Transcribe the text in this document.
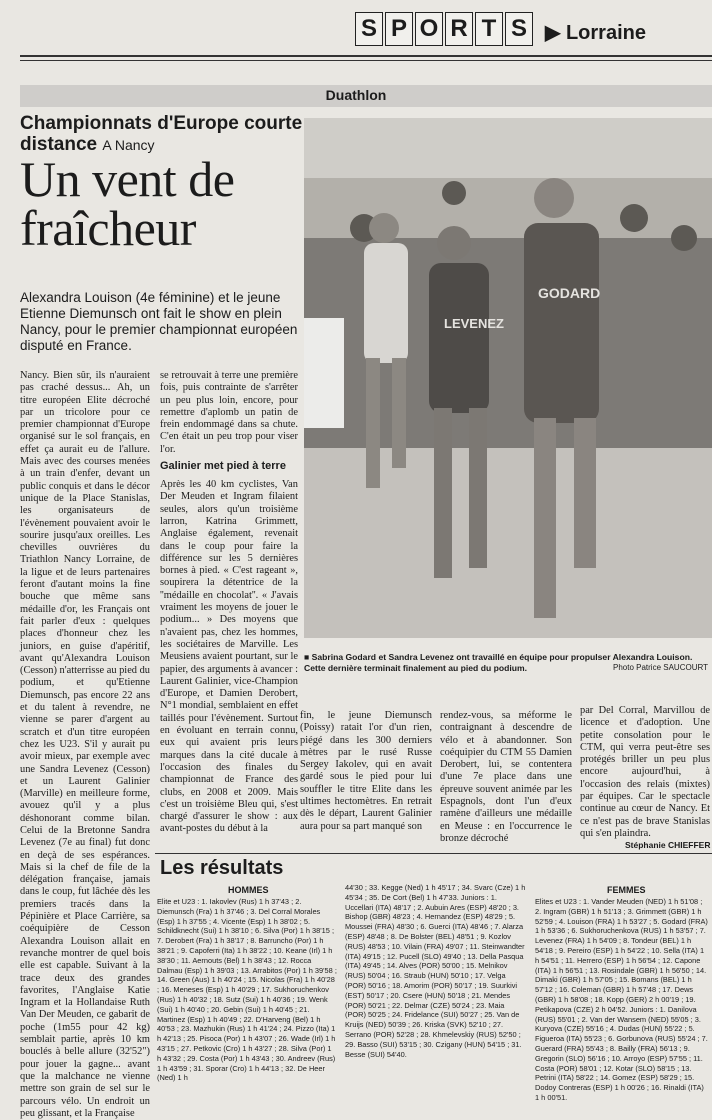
S P O R T S ▶ Lorraine
Duathlon
Championnats d'Europe courte distance A Nancy
Un vent de fraîcheur
Alexandra Louison (4e féminine) et le jeune Etienne Diemunsch ont fait le show en plein Nancy, pour le premier championnat européen disputé en France.

Nancy. Bien sûr, ils n'auraient pas craché dessus... Ah, un titre européen Elite décroché par un tricolore pour ce premier championnat d'Europe organisé sur le sol français, en effet ça aurait eu de l'allure. Mais avec des courses menées à un train d'enfer, devant un public conquis et dans le décor unique de la Place Stanislas, les organisateurs de l'évènement pouvaient avoir le sourire jusqu'aux oreilles. Les chevilles ouvrières du Triathlon Nancy Lorraine, de la ligue et de leurs partenaires feront d'autant moins la fine bouche que même sans médaille d'or, les Français ont fait parler d'eux : quelques places d'honneur chez les juniors, en guise d'apéritif, avant qu'Alexandra Louison (Cesson) n'atterrisse au pied du podium, et qu'Etienne Diemunsch, pas encore 22 ans et du talent à revendre, ne vienne se parer d'argent au scratch et d'un titre européen chez les U23. S'il y aurait pu avoir mieux, par exemple avec une Sandra Levenez (Cesson) et un Laurent Galinier (Marville) en meilleure forme, avouez qu'il y a plus déshonorant comme bilan. Celui de la Bretonne Sandra Levenez (7e au final) fut donc en deçà de ses espérances. Mais si la chef de file de la délégation française, jamais dans le coup, fut lâchée dès les premiers tracés dans la Pépinière et Place Carrière, sa coéquipière de Cesson Alexandra Louison allait en revanche montrer de quel bois elle est capable. Suivant à la trace deux des grandes favorites, l'Anglaise Katie Ingram et la Hollandaise Ruth Van Der Meuden, ce gabarit de poche (1m55 pour 42 kg) semblait partie, après 10 km bouclés à belle allure (32'52") pour jouer la gagne... avant que la malchance ne vienne mettre son grain de sel sur le parcours vélo. Un endroit un peu glissant, et la Française

se retrouvait à terre une première fois, puis contrainte de s'arrêter un peu plus loin, encore, pour remettre d'aplomb un patin de frein endommagé dans sa chute. C'en était un peu trop pour viser l'or.

Galinier met pied à terre

Après les 40 km cyclistes, Van Der Meuden et Ingram filaient seules, alors qu'un troisième larron, Katrina Grimmett, Anglaise également, revenait dans le coup pour faire la différence sur les 5 dernières bornes à pied. « C'est rageant », soupirera la détentrice de la ''médaille en chocolat''. « J'avais vraiment les moyens de jouer le podium... » Des moyens que n'avaient pas, chez les hommes, les sociétaires de Marville. Les Meusiens avaient pourtant, sur le papier, des arguments à avancer : Laurent Galinier, vice-Champion d'Europe, et Damien Derobert, N°1 mondial, semblaient en effet taillés pour l'évènement. Surtout en évoluant en terrain connu, eux qui avaient pris leurs marques dans la cité ducale à l'occasion des finales du championnat de France des clubs, en 2008 et 2009. Mais c'est un troisième Bleu qui, s'est chargé d'assurer le show : aux avant-postes du début à la

LEVENEZ
GODARD
■ Sabrina Godard et Sandra Levenez ont travaillé en équipe pour propulser Alexandra Louison. Cette dernière terminait finalement au pied du podium.	Photo Patrice SAUCOURT

fin, le jeune Diemunsch (Poissy) ratait l'or d'un rien, piégé dans les 300 derniers mètres par le rusé Russe Sergey Iakolev, qui en avait gardé sous le pied pour lui souffler le titre Elite dans les ultimes hectomètres. En retrait dès le départ, Laurent Galinier aura pour sa part manqué son

rendez-vous, sa méforme le contraignant à descendre de vélo et à abandonner. Son coéquipier du CTM 55 Damien Derobert, lui, se contentera d'une 7e place dans une épreuve souvent animée par les Espagnols, dont l'un d'eux ramène d'ailleurs une médaille en Meuse : en l'occurrence le bronze décroché

par Del Corral, Marvillou de licence et d'adoption. Une petite consolation pour le CTM, qui verra peut-être ses protégés briller un peu plus encore aujourd'hui, à l'occasion des relais (mixtes) par équipes. Car le spectacle continue au cœur de Nancy. Et ce n'est pas de brave Stanislas qui s'en plaindra.

Stéphanie CHIEFFER
Les résultats
HOMMES	FEMMES
Elite et U23 : 1. Iakovlev (Rus) 1 h 37'43 ; 2. Diemunsch (Fra) 1 h 37'46 ; 3. Del Corral Morales (Esp) 1 h 37'55 ; 4. Vicente (Esp) 1 h 38'02 ; 5. Schildknecht (Sui) 1 h 38'10 ; 6. Silva (Por) 1 h 38'15 ; 7. Derobert (Fra) 1 h 38'17 ; 8. Barruncho (Por) 1 h 38'21 ; 9. Capoferri (Ita) 1 h 38'22 ; 10. Keane (Irl) 1 h 38'30 ; 11. Aernouts (Bel) 1 h 38'43 ; 12. Rocca Dalmau (Esp) 1 h 39'03 ; 13. Arrabitos (Por) 1 h 39'58 ; 14. Green (Aus) 1 h 40'24 ; 15. Nicolas (Fra) 1 h 40'28 ; 16. Meneses (Esp) 1 h 40'29 ; 17. Sukhoruchenkov (Rus) 1 h 40'32 ; 18. Sutz (Sui) 1 h 40'36 ; 19. Wenk (Sui) 1 h 40'40 ; 20. Gebin (Sui) 1 h 40'45 ; 21. Martinez (Esp) 1 h 40'49 ; 22. D'Harveng (Bel) 1 h 40'53 ; 23. Mazhukin (Rus) 1 h 41'24 ; 24. Pizzo (Ita) 1 h 42'13 ; 25. Pisoca (Por) 1 h 43'07 ; 26. Wade (Irl) 1 h 43'15 ; 27. Petkovic (Cro) 1 h 43'27 ; 28. Silva (Por) 1 h 43'32 ; 29. Costa (Por) 1 h 43'43 ; 30. Andreev (Rus) 1 h 43'59 ; 31. Sporar (Cro) 1 h 44'13 ; 32. De Heer (Ned) 1 h
44'30 ; 33. Kegge (Ned) 1 h 45'17 ; 34. Svarc (Cze) 1 h 45'34 ; 35. De Cort (Bel) 1 h 47'33. Juniors : 1. Uccellari (ITA) 48'17 ; 2. Aubuin Ares (ESP) 48'20 ; 3. Bishop (GBR) 48'23 ; 4. Hernandez (ESP) 48'29 ; 5. Moussei (FRA) 48'30 ; 6. Guerci (ITA) 48'46 ; 7. Alarza (ESP) 48'48 ; 8. De Bolster (BEL) 48'51 ; 9. Kozlov (RUS) 48'53 ; 10. Vilain (FRA) 49'07 ; 11. Steinwandter (ITA) 49'15 ; 12. Pucell (SLO) 49'40 ; 13. Della Pasqua (ITA) 49'45 ; 14. Alves (POR) 50'00 ; 15. Melnikov (RUS) 50'04 ; 16. Straub (HUN) 50'10 ; 17. Velga (POR) 50'16 ; 18. Amorim (POR) 50'17 ; 19. Suurkivi (EST) 50'17 ; 20. Csere (HUN) 50'18 ; 21. Mendes (POR) 50'21 ; 22. Delmar (CZE) 50'24 ; 23. Maia (POR) 50'25 ; 24. Fridelance (SUI) 50'27 ; 25. Van de Kruijs (NED) 50'39 ; 26. Kriska (SVK) 52'10 ; 27. Serrano (POR) 52'28 ; 28. Khmelevskiy (RUS) 52'50 ; 29. Basso (SUI) 53'15 ; 30. Czigany (HUN) 54'15 ; 31. Besse (SUI) 54'40.
Elites et U23 : 1. Vander Meuden (NED) 1 h 51'08 ; 2. Ingram (GBR) 1 h 51'13 ; 3. Grimmett (GBR) 1 h 52'59 ; 4. Louison (FRA) 1 h 53'27 ; 5. Godard (FRA) 1 h 53'36 ; 6. Sukhoruchenkova (RUS) 1 h 53'57 ; 7. Levenez (FRA) 1 h 54'09 ; 8. Tondeur (BEL) 1 h 54'18 ; 9. Pereiro (ESP) 1 h 54'22 ; 10. Sella (ITA) 1 h 54'51 ; 11. Herrero (ESP) 1 h 56'54 ; 12. Capone (ITA) 1 h 56'51 ; 13. Rosindale (GBR) 1 h 56'50 ; 14. Dimaki (GBR) 1 h 57'05 ; 15. Bomans (BEL) 1 h 57'12 ; 16. Coleman (GBR) 1 h 57'48 ; 17. Dews (GBR) 1 h 58'08 ; 18. Kopp (GER) 2 h 00'19 ; 19. Petikapova (CZE) 2 h 04'52. Juniors : 1. Danilova (RUS) 55'01 ; 2. Van der Wansem (NED) 55'05 ; 3. Kuryova (CZE) 55'16 ; 4. Dudas (HUN) 55'22 ; 5. Figueroa (ITA) 55'23 ; 6. Gorbunova (RUS) 55'24 ; 7. Guerard (FRA) 55'43 ; 8. Bailly (FRA) 56'13 ; 9. Gregorin (SLO) 56'16 ; 10. Arroyo (ESP) 57'55 ; 11. Costa (POR) 58'01 ; 12. Kotar (SLO) 58'15 ; 13. Petrini (ITA) 58'22 ; 14. Gomez (ESP) 58'29 ; 15. Dodoy Contreras (ESP) 1 h 00'26 ; 16. Rinaldi (ITA) 1 h 00'51.
